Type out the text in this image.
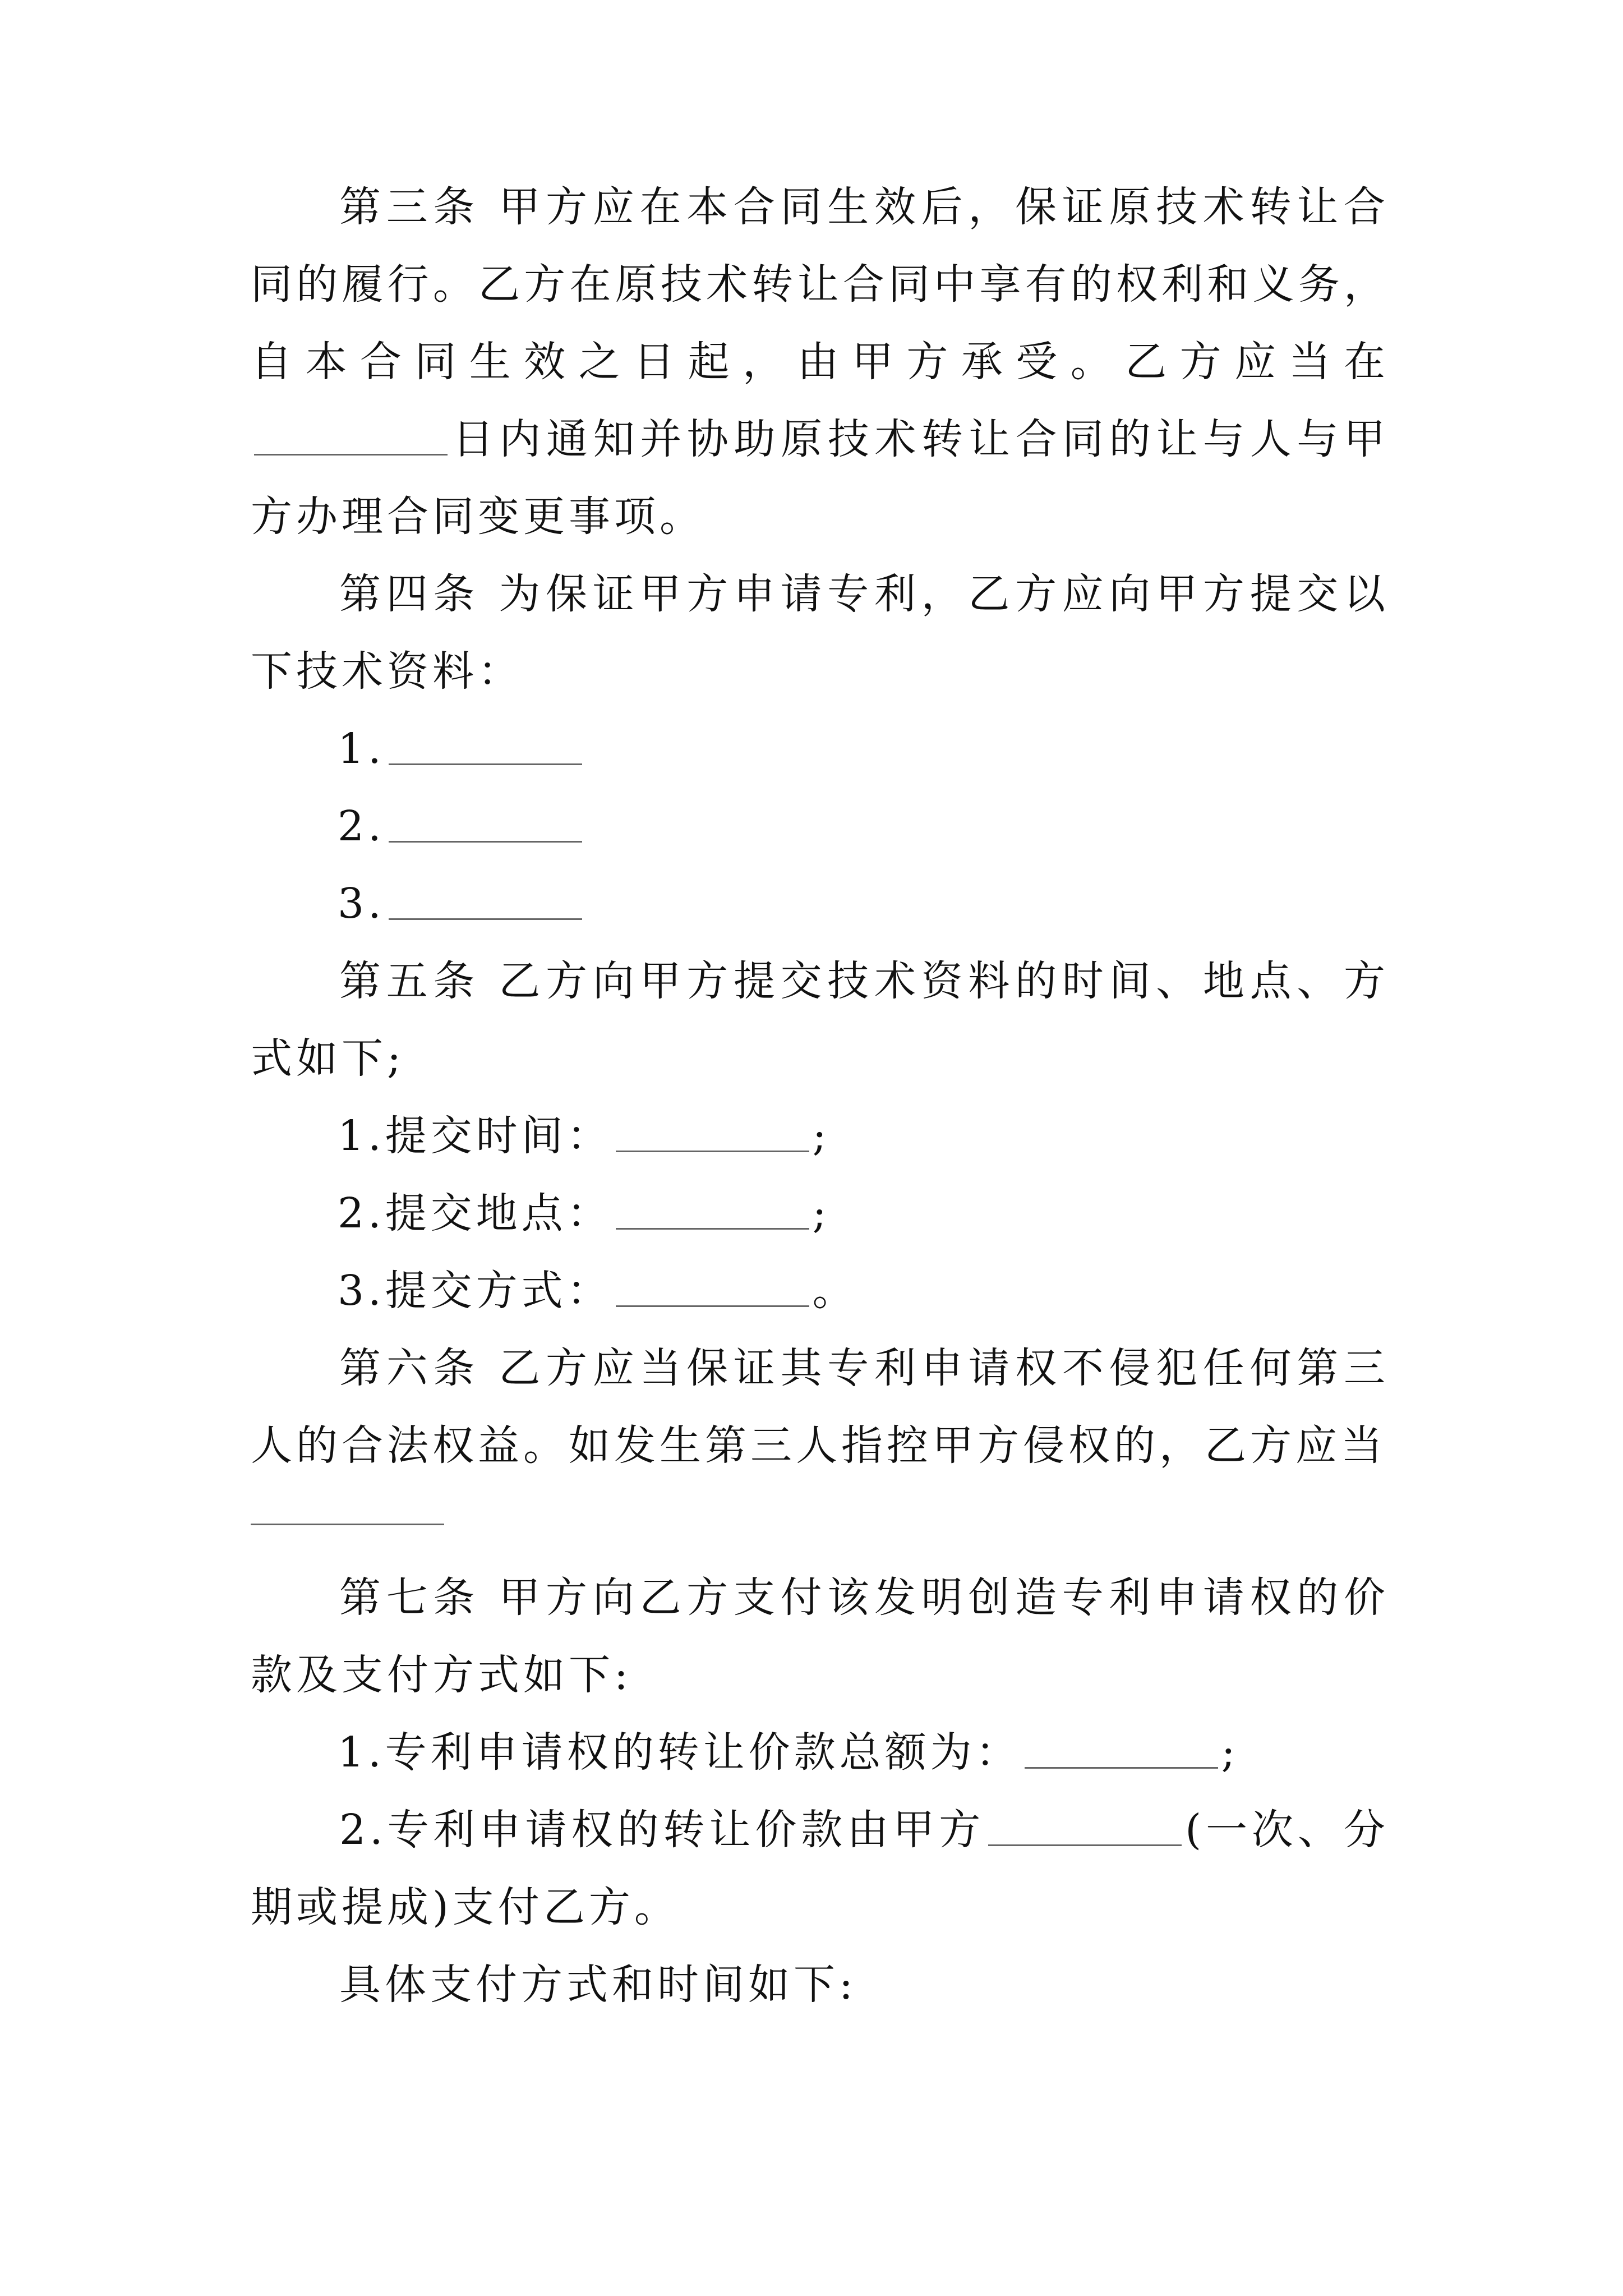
第三条 甲方应在本合同生效后，保证原技术转让合同的履行。乙方在原技术转让合同中享有的权利和义务，自本合同生效之日起，由甲方承受。乙方应当在日内通知并协助原技术转让合同的让与人与甲方办理合同变更事项。

第四条 为保证甲方申请专利，乙方应向甲方提交以下技术资料：

1.

2.

3.

第五条 乙方向甲方提交技术资料的时间、地点、方式如下;

1.提交时间：	;

2.提交地点：	;

3.提交方式：	。

第六条 乙方应当保证其专利申请权不侵犯任何第三人的合法权益。如发生第三人指控甲方侵权的，乙方应当

第七条 甲方向乙方支付该发明创造专利申请权的价款及支付方式如下:

1.专利申请权的转让价款总额为：	;

2.专利申请权的转让价款由甲方	(一次、分期或提成)支付乙方。

具体支付方式和时间如下:
